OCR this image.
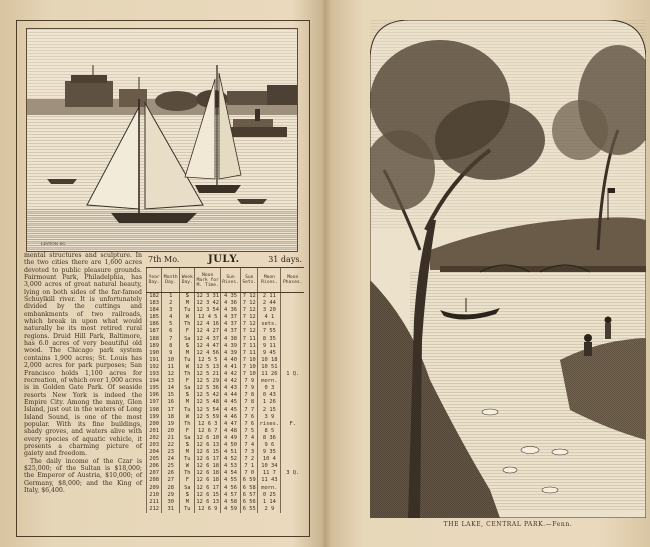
LINTON SC.

mental structures and sculpture. In the two cities there are 1,600 acres devoted to public pleasure grounds. Fairmount Park, Philadelphia, has 3,000 acres of great natural beauty, lying on both sides of the far-famed Schuylkill river. It is unfortunately divided by the cuttings and embankments of two railroads, which break in upon what would naturally be its most retired rural regions. Druid Hill Park, Baltimore, has 6.0 acres of very beautiful old wood. The Chicago park system contains 1,900 acres; St. Louis has 2,000 acres for park purposes; San Francisco holds 1,100 acres for recreation, of which over 1,000 acres is in Golden Gate Park. Of seaside resorts New York is indeed the Empire City. Among the many, Glen Island, just out in the waters of Long Island Sound, is one of the most popular. With its fine buildings, shady groves, and waters alive with every species of aquatic vehicle, it presents a charming picture of gaiety and freedom.

The daily income of the Czar is $25,000; of the Sultan is $18,000; the Emperor of Austria, $10,000; of Germany, $8,000; and the King of Italy, $6,400.

7th Mo.	JULY.	31 days.
Year Day.	Month Day.	Week Day.	Noon Mark for M. Time.	Sun Rises.	Sun Sets.	Moon Rises.	Moon Phases.
182	1	S	12 3 31	4 35	7 12	2 11	
183	2	M	12 3 42	4 36	7 12	2 44	
184	3	Tu	12 3 54	4 36	7 12	3 20	
185	4	W	12 4 5	4 37	7 12	4 1	
186	5	Th	12 4 16	4 37	7 12	sets.	
187	6	F	12 4 27	4 37	7 12	7 55	
188	7	Sa	12 4 37	4 38	7 11	8 35	
189	8	S	12 4 47	4 39	7 11	9 11	
190	9	M	12 4 56	4 39	7 11	9 45	
191	10	Tu	12 5 5	4 40	7 10	10 18	
192	11	W	12 5 13	4 41	7 10	10 51	
193	12	Th	12 5 21	4 42	7 10	11 26	1 Q.
194	13	F	12 5 29	4 42	7 9	morn.	
195	14	Sa	12 5 36	4 43	7 9	0 3	
196	15	S	12 5 42	4 44	7 8	0 43	
197	16	M	12 5 48	4 45	7 8	1 26	
198	17	Tu	12 5 54	4 45	7 7	2 15	
199	18	W	12 5 59	4 46	7 6	3 9	
200	19	Th	12 6 3	4 47	7 6	rises.	F.
201	20	F	12 6 7	4 48	7 5	8 5	
202	21	Sa	12 6 10	4 49	7 4	8 36	
203	22	S	12 6 13	4 50	7 4	9 6	
204	23	M	12 6 15	4 51	7 3	9 35	
205	24	Tu	12 6 17	4 52	7 2	10 4	
206	25	W	12 6 18	4 53	7 1	10 34	
207	26	Th	12 6 18	4 54	7 0	11 7	3 Q.
208	27	F	12 6 18	4 55	6 59	11 43	
209	28	Sa	12 6 17	4 56	6 58	morn.	
210	29	S	12 6 15	4 57	6 57	0 25	
211	30	M	12 6 13	4 58	6 56	1 14	
212	31	Tu	12 6 9	4 59	6 55	2 9	
THE LAKE, CENTRAL PARK.—Fenn.
